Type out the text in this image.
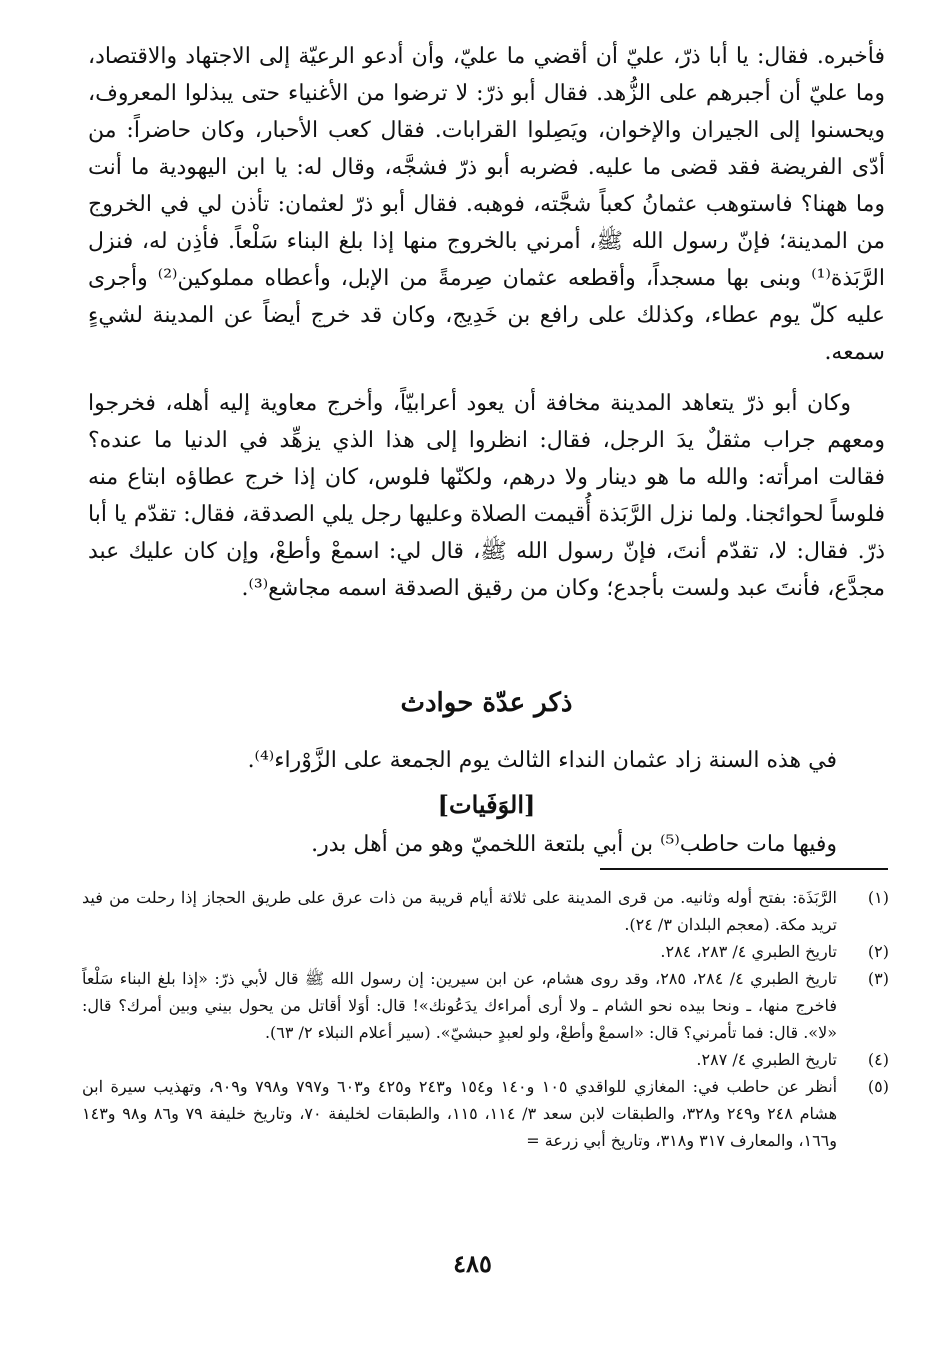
فأخبره. فقال: يا أبا ذرّ، عليّ أن أقضي ما عليّ، وأن أدعو الرعيّة إلى الاجتهاد والاقتصاد، وما عليّ أن أجبرهم على الزُّهد. فقال أبو ذرّ: لا ترضوا من الأغنياء حتى يبذلوا المعروف، ويحسنوا إلى الجيران والإخوان، ويَصِلوا القرابات. فقال كعب الأحبار، وكان حاضراً: من أدّى الفريضة فقد قضى ما عليه. فضربه أبو ذرّ فشجَّه، وقال له: يا ابن اليهودية ما أنت وما ههنا؟ فاستوهب عثمانُ كعباً شجَّته، فوهبه. فقال أبو ذرّ لعثمان: تأذن لي في الخروج من المدينة؛ فإنّ رسول الله ﷺ، أمرني بالخروج منها إذا بلغ البناء سَلْعاً. فأذِن له، فنزل الرَّبَذة⁽¹⁾ وبنى بها مسجداً، وأقطعه عثمان صِرمةً من الإبل، وأعطاه مملوكين⁽²⁾ وأجرى عليه كلّ يوم عطاء، وكذلك على رافع بن خَدِيج، وكان قد خرج أيضاً عن المدينة لشيءٍ سمعه.

وكان أبو ذرّ يتعاهد المدينة مخافة أن يعود أعرابيّاً، وأخرج معاوية إليه أهله، فخرجوا ومعهم جراب مثقلٌ يدَ الرجل، فقال: انظروا إلى هذا الذي يزهِّد في الدنيا ما عنده؟ فقالت امرأته: والله ما هو دينار ولا درهم، ولكنّها فلوس، كان إذا خرج عطاؤه ابتاع منه فلوساً لحوائجنا. ولما نزل الرَّبَذة أُقيمت الصلاة وعليها رجل يلي الصدقة، فقال: تقدّم يا أبا ذرّ. فقال: لا، تقدّم أنتَ، فإنّ رسول الله ﷺ، قال لي: اسمعْ وأطعْ، وإن كان عليك عبد مجدَّع، فأنتَ عبد ولست بأجدع؛ وكان من رقيق الصدقة اسمه مجاشع⁽³⁾.

ذكر عدّة حوادث
في هذه السنة زاد عثمان النداء الثالث يوم الجمعة على الزَّوْراء⁽⁴⁾.
[الوَفَيات]
وفيها مات حاطب⁽⁵⁾ بن أبي بلتعة اللخميّ وهو من أهل بدر.

(١)
الرَّبَذَة: بفتح أوله وثانيه. من قرى المدينة على ثلاثة أيام قريبة من ذات عرق على طريق الحجاز إذا رحلت من فيد تريد مكة. (معجم البلدان ٣/ ٢٤).

(٢)
تاريخ الطبري ٤/ ٢٨٣، ٢٨٤.

(٣)
تاريخ الطبري ٤/ ٢٨٤، ٢٨٥، وقد روى هشام، عن ابن سيرين: إن رسول الله ﷺ قال لأبي ذرّ: «إذا بلغ البناء سَلْعاً فاخرج منها، ـ ونحا بيده نحو الشام ـ ولا أرى أمراءك يدَعُونك»! قال: أوَلا أقاتل من يحول بيني وبين أمرك؟ قال: «لا». قال: فما تأمرني؟ قال: «اسمعْ وأطعْ، ولو لعبدٍ حبشيّ». (سير أعلام النبلاء ٢/ ٦٣).

(٤)
تاريخ الطبري ٤/ ٢٨٧.

(٥)
أنظر عن حاطب في: المغازي للواقدي ١٠٥ و١٤٠ و١٥٤ و٢٤٣ و٤٢٥ و٦٠٣ و٧٩٧ و٧٩٨ و٩٠٩، وتهذيب سيرة ابن هشام ٢٤٨ و٢٤٩ و٣٢٨، والطبقات لابن سعد ٣/ ١١٤، ١١٥، والطبقات لخليفة ٧٠، وتاريخ خليفة ٧٩ و٨٦ و٩٨ و١٤٣ و١٦٦، والمعارف ٣١٧ و٣١٨، وتاريخ أبي زرعة =

٤٨٥
